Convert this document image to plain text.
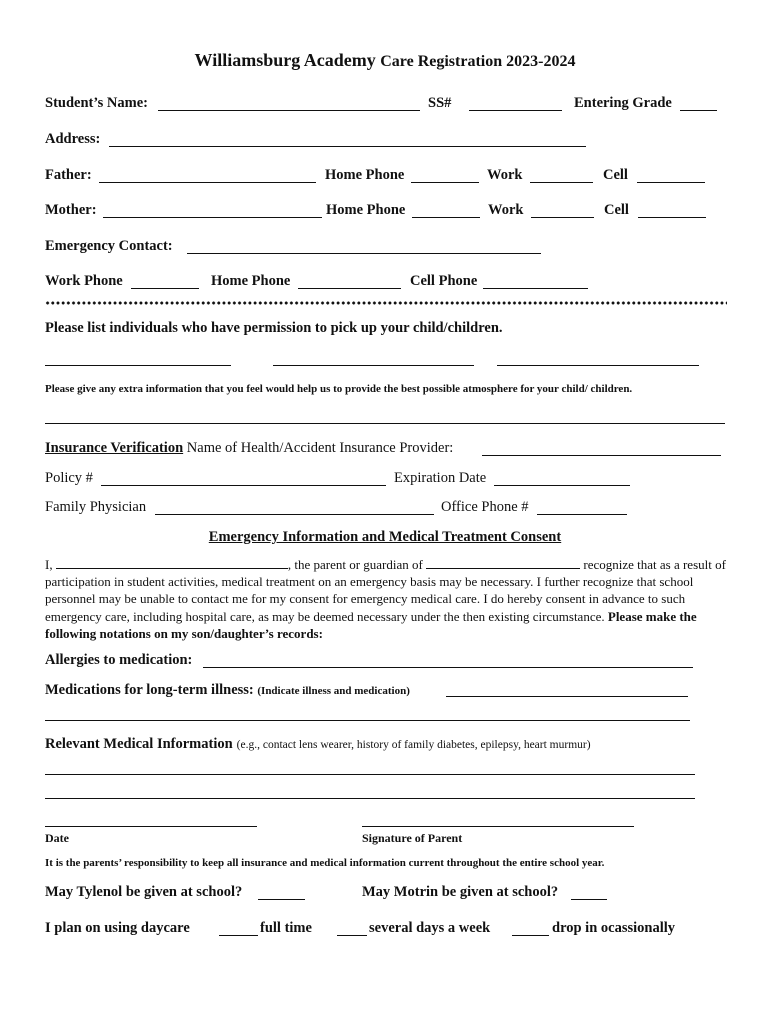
Williamsburg Academy Care Registration 2023-2024
Student’s Name:	SS#	Entering Grade
Address:
Father:	Home Phone	Work	Cell
Mother:	Home Phone	Work	Cell
Emergency Contact:
Work Phone	Home Phone	Cell Phone
Please list individuals who have permission to pick up your child/children.
Please give any extra information that you feel would help us to provide the best possible atmosphere for your child/ children.
Insurance Verification Name of Health/Accident Insurance Provider:
Policy #	Expiration Date
Family Physician	Office Phone #
Emergency Information and Medical Treatment Consent
I,	, the parent or guardian of	recognize that as a result of participation in student activities, medical treatment on an emergency basis may be necessary. I further recognize that school personnel may be unable to contact me for my consent for emergency medical care. I do hereby consent in advance to such emergency care, including hospital care, as may be deemed necessary under the then existing circumstance. Please make the following notations on my son/daughter’s records:
Allergies to medication:
Medications for long-term illness: (Indicate illness and medication)
Relevant Medical Information (e.g., contact lens wearer, history of family diabetes, epilepsy, heart murmur)
Date	Signature of Parent
It is the parents’ responsibility to keep all insurance and medical information current throughout the entire school year.
May Tylenol be given at school?	May Motrin be given at school?
I plan on using daycare	full time	several days a week	drop in ocassionally
